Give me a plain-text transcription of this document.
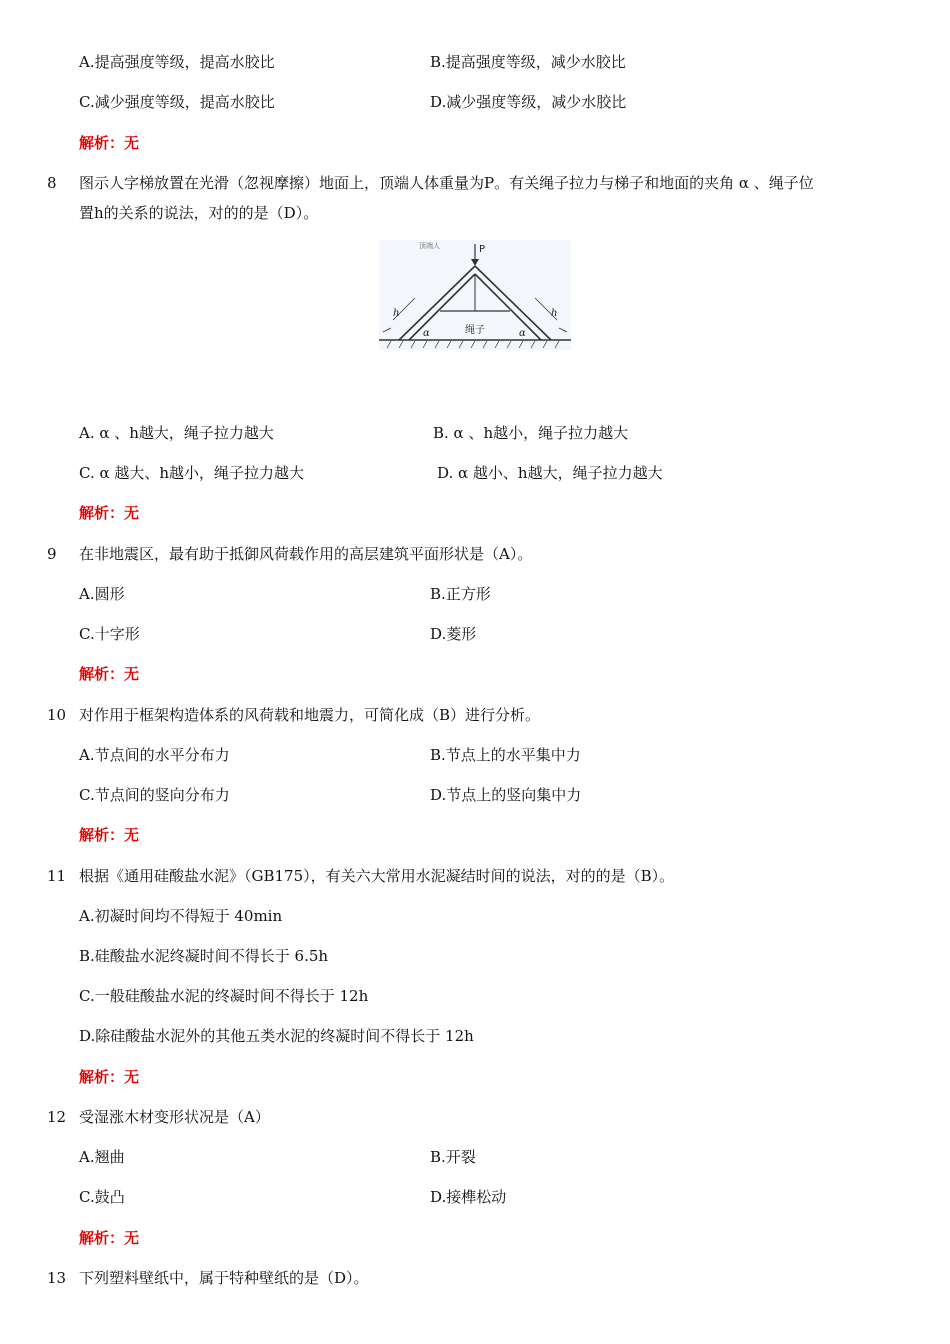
A.提高强度等级，提高水胶比	B.提高强度等级，减少水胶比
C.减少强度等级，提高水胶比	D.减少强度等级，减少水胶比
解析：无
8 图示人字梯放置在光滑（忽视摩擦）地面上，顶端人体重量为P。有关绳子拉力与梯子和地面的夹角 α 、绳子位
置h的关系的说法，对的的是（D）。
P
顶端人
h	h
α	α
绳子
A. α 、h越大，绳子拉力越大	B. α 、h越小，绳子拉力越大
C. α 越大、h越小，绳子拉力越大	D. α 越小、h越大，绳子拉力越大
解析：无
9 在非地震区，最有助于抵御风荷载作用的高层建筑平面形状是（A）。
A.圆形	B.正方形
C.十字形	D.菱形
解析：无
10 对作用于框架构造体系的风荷载和地震力，可简化成（B）进行分析。
A.节点间的水平分布力	B.节点上的水平集中力
C.节点间的竖向分布力	D.节点上的竖向集中力
解析：无
11 根据《通用硅酸盐水泥》（GB175），有关六大常用水泥凝结时间的说法，对的的是（B）。
A.初凝时间均不得短于 40min
B.硅酸盐水泥终凝时间不得长于 6.5h
C.一般硅酸盐水泥的终凝时间不得长于 12h
D.除硅酸盐水泥外的其他五类水泥的终凝时间不得长于 12h
解析：无
12 受湿涨木材变形状况是（A）
A.翘曲	B.开裂
C.鼓凸	D.接榫松动
解析：无
13 下列塑料壁纸中，属于特种壁纸的是（D）。
